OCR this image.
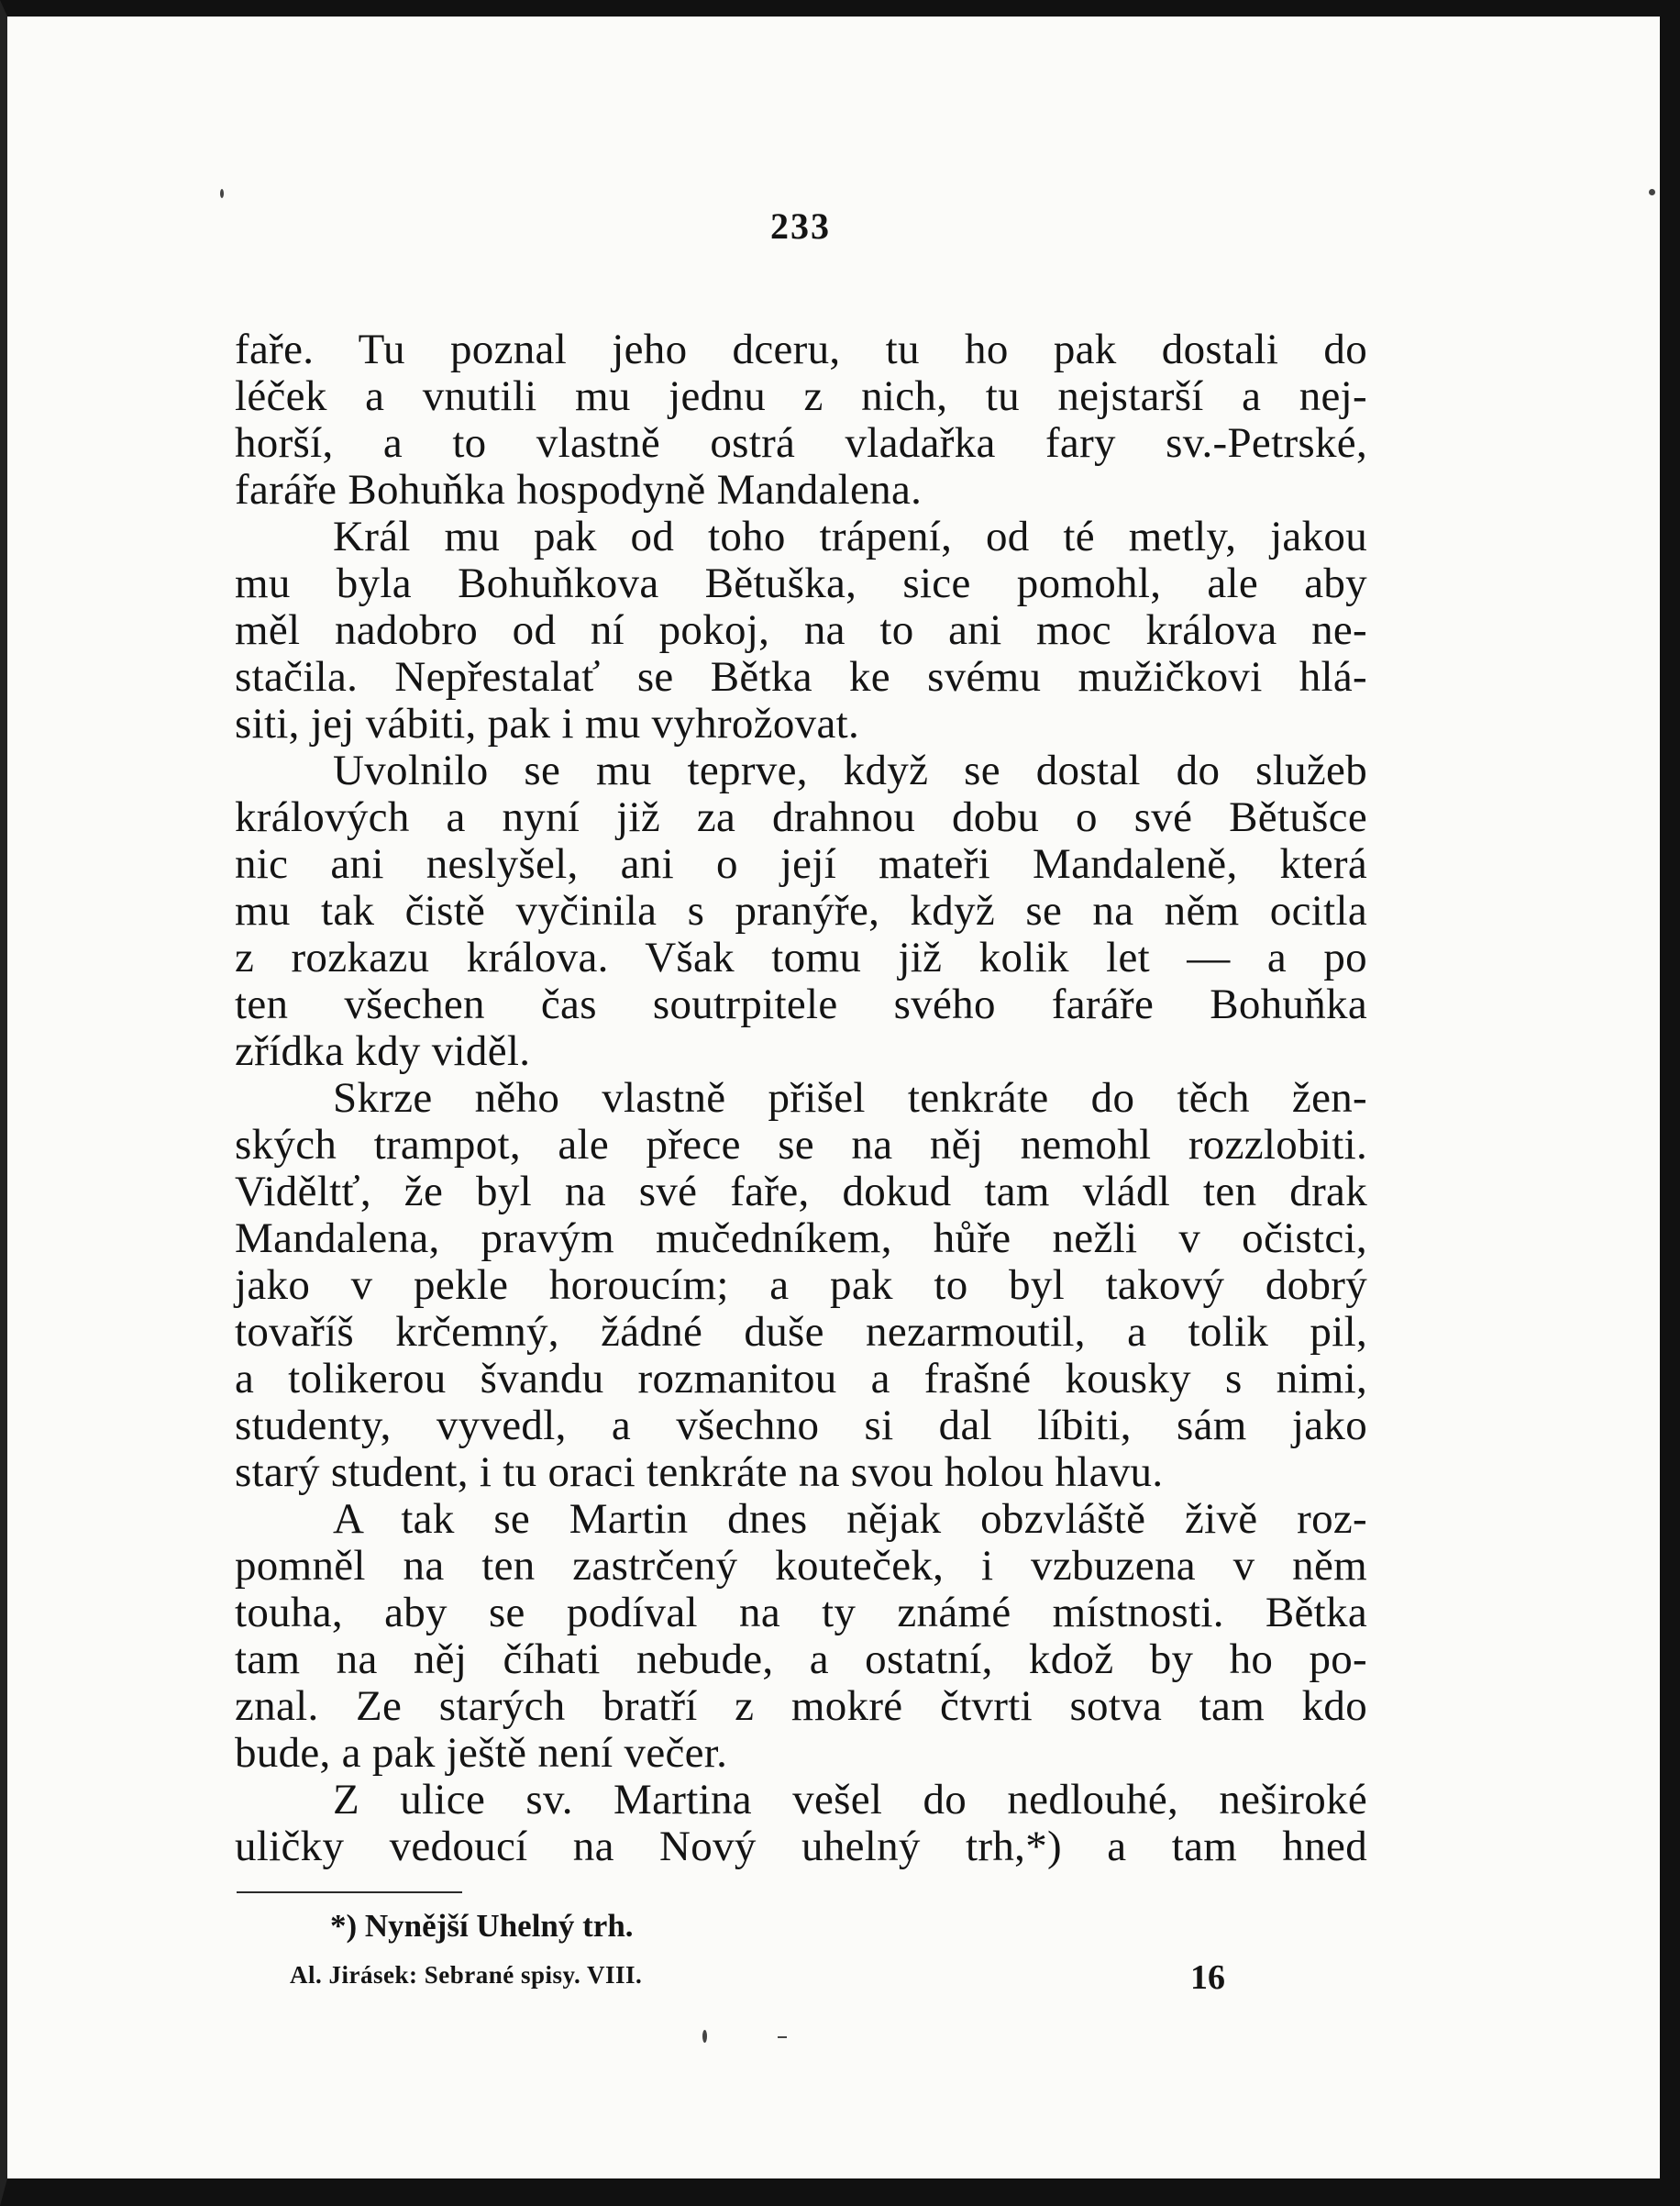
233
faře. Tu poznal jeho dceru, tu ho pak dostali do
léček a vnutili mu jednu z nich, tu nejstarší a nej-
horší, a to vlastně ostrá vladařka fary sv.-Petrské,
faráře Bohuňka hospodyně Mandalena.
Král mu pak od toho trápení, od té metly, jakou
mu byla Bohuňkova Bětuška, sice pomohl, ale aby
měl nadobro od ní pokoj, na to ani moc králova ne-
stačila. Nepřestalať se Bětka ke svému mužičkovi hlá-
siti, jej vábiti, pak i mu vyhrožovat.
Uvolnilo se mu teprve, když se dostal do služeb
králových a nyní již za drahnou dobu o své Bětušce
nic ani neslyšel, ani o její mateři Mandaleně, která
mu tak čistě vyčinila s pranýře, když se na něm ocitla
z rozkazu králova. Však tomu již kolik let — a po
ten všechen čas soutrpitele svého faráře Bohuňka
zřídka kdy viděl.
Skrze něho vlastně přišel tenkráte do těch žen-
ských trampot, ale přece se na něj nemohl rozzlobiti.
Viděltť, že byl na své faře, dokud tam vládl ten drak
Mandalena, pravým mučedníkem, hůře nežli v očistci,
jako v pekle horoucím; a pak to byl takový dobrý
tovaříš krčemný, žádné duše nezarmoutil, a tolik pil,
a tolikerou švandu rozmanitou a frašné kousky s nimi,
studenty, vyvedl, a všechno si dal líbiti, sám jako
starý student, i tu oraci tenkráte na svou holou hlavu.
A tak se Martin dnes nějak obzvláště živě roz-
pomněl na ten zastrčený koutеček, i vzbuzena v něm
touha, aby se podíval na ty známé místnosti. Bětka
tam na něj číhati nebude, a ostatní, kdož by ho po-
znal. Ze starých bratří z mokré čtvrti sotva tam kdo
bude, a pak ještě není večer.
Z ulice sv. Martina vešel do nedlouhé, neširoké
uličky vedoucí na Nový uhelný trh,*) a tam hned
*) Nynější Uhelný trh.
Al. Jirásek: Sebrané spisy. VIII.	16
